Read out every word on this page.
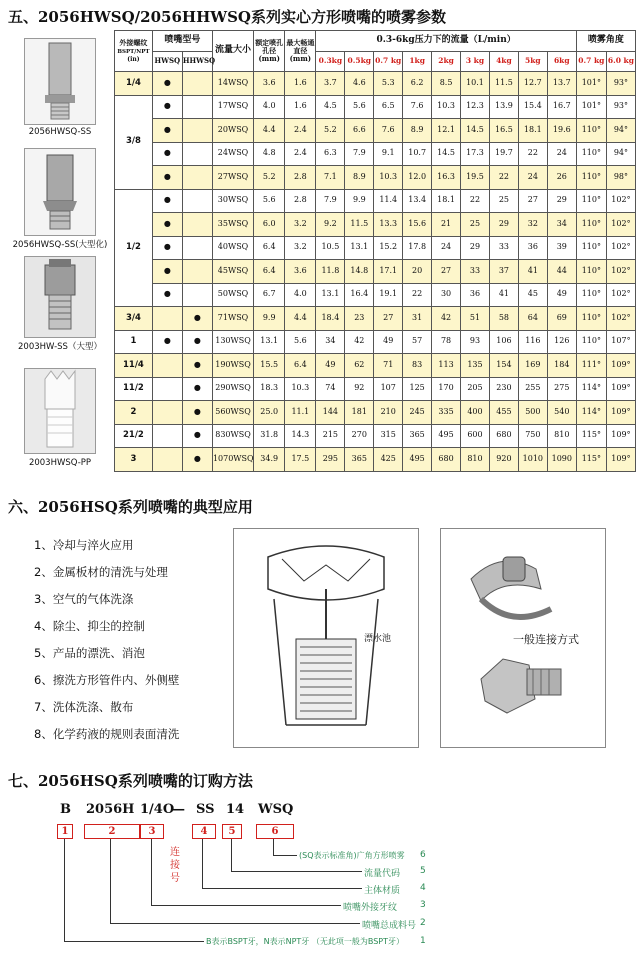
五、2056HWSQ/2056HHWSQ系列实心方形喷嘴的喷雾参数
2056HWSQ-SS
2056HWSQ-SS(大型化)
2003HW-SS（大型）
2003HWSQ-PP
外接螺纹
BSPT/NPT
(in)	喷嘴型号		流量大小	额定喷孔孔径
(mm)	最大畅通直径
(mm)	0.3-6kg压力下的流量（L/min）									喷雾角度	
	HWSQ	HHWSQ				0.3kg	0.5kg	0.7 kg	1kg	2kg	3 kg	4kg	5kg	6kg	0.7 kg	6.0 kg
1/4	●		14WSQ	3.6	1.6	3.7	4.6	5.3	6.2	8.5	10.1	11.5	12.7	13.7	101°	93°
3/8	●		17WSQ	4.0	1.6	4.5	5.6	6.5	7.6	10.3	12.3	13.9	15.4	16.7	101°	93°
	●		20WSQ	4.4	2.4	5.2	6.6	7.6	8.9	12.1	14.5	16.5	18.1	19.6	110°	94°
	●		24WSQ	4.8	2.4	6.3	7.9	9.1	10.7	14.5	17.3	19.7	22	24	110°	94°
	●		27WSQ	5.2	2.8	7.1	8.9	10.3	12.0	16.3	19.5	22	24	26	110°	98°
1/2	●		30WSQ	5.6	2.8	7.9	9.9	11.4	13.4	18.1	22	25	27	29	110°	102°
	●		35WSQ	6.0	3.2	9.2	11.5	13.3	15.6	21	25	29	32	34	110°	102°
	●		40WSQ	6.4	3.2	10.5	13.1	15.2	17.8	24	29	33	36	39	110°	102°
	●		45WSQ	6.4	3.6	11.8	14.8	17.1	20	27	33	37	41	44	110°	102°
	●		50WSQ	6.7	4.0	13.1	16.4	19.1	22	30	36	41	45	49	110°	102°
3/4		●	71WSQ	9.9	4.4	18.4	23	27	31	42	51	58	64	69	110°	102°
1	●	●	130WSQ	13.1	5.6	34	42	49	57	78	93	106	116	126	110°	107°
11/4		●	190WSQ	15.5	6.4	49	62	71	83	113	135	154	169	184	111°	109°
11/2		●	290WSQ	18.3	10.3	74	92	107	125	170	205	230	255	275	114°	109°
2		●	560WSQ	25.0	11.1	144	181	210	245	335	400	455	500	540	114°	109°
21/2		●	830WSQ	31.8	14.3	215	270	315	365	495	600	680	750	810	115°	109°
3		●	1070WSQ	34.9	17.5	295	365	425	495	680	810	920	1010	1090	115°	109°
六、2056HSQ系列喷嘴的典型应用
1、冷却与淬火应用
2、金属板材的清洗与处理
3、空气的气体洗涤
4、除尘、抑尘的控制
5、产品的漂洗、消泡
6、擦洗方形管件内、外侧壁
7、洗体洗涤、散布
8、化学药液的规则表面清洗
漂水池	一般连接方式
七、2056HSQ系列喷嘴的订购方法
B 2056H 1/4O
— SS 14 WSQ
1	2	3	4	5	6
连接号
(SQ表示标准角)广角方形喷雾 6
流量代码 5
主体材质 4
喷嘴外接牙纹	3
喷嘴总成料号 2
B表示BSPT牙，N表示NPT牙 （无此项一般为BSPT牙） 1
